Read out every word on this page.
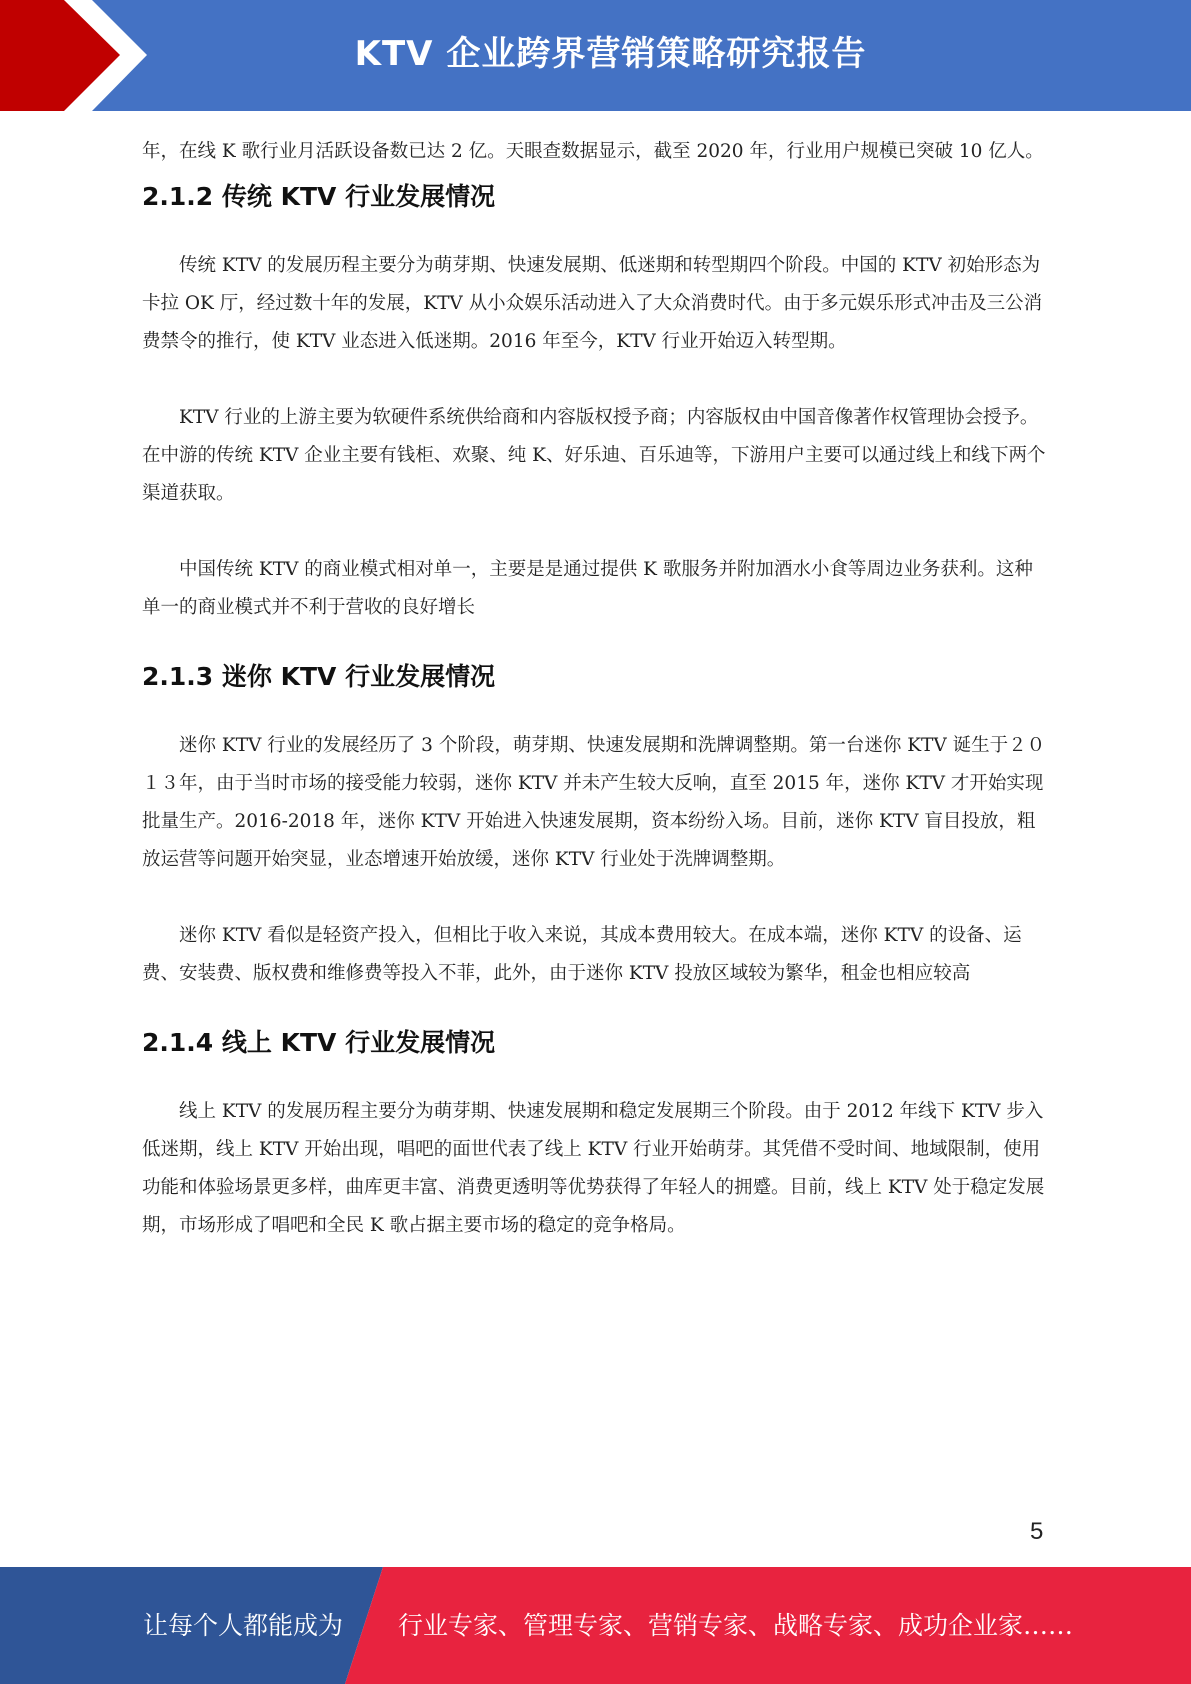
KTV 企业跨界营销策略研究报告

年，在线 K 歌行业月活跃设备数已达 2 亿。天眼查数据显示，截至 2020 年，行业用户规模已突破 10 亿人。

2.1.2 传统 KTV 行业发展情况

传统 KTV 的发展历程主要分为萌芽期、快速发展期、低迷期和转型期四个阶段。中国的 KTV 初始形态为卡拉 OK 厅，经过数十年的发展，KTV 从小众娱乐活动进入了大众消费时代。由于多元娱乐形式冲击及三公消费禁令的推行，使 KTV 业态进入低迷期。2016 年至今，KTV 行业开始迈入转型期。

KTV 行业的上游主要为软硬件系统供给商和内容版权授予商；内容版权由中国音像著作权管理协会授予。在中游的传统 KTV 企业主要有钱柜、欢聚、纯 K、好乐迪、百乐迪等，下游用户主要可以通过线上和线下两个渠道获取。

中国传统 KTV 的商业模式相对单一，主要是是通过提供 K 歌服务并附加酒水小食等周边业务获利。这种单一的商业模式并不利于营收的良好增长

2.1.3 迷你 KTV 行业发展情况

迷你 KTV 行业的发展经历了 3 个阶段，萌芽期、快速发展期和洗牌调整期。第一台迷你 KTV 诞生于２０１３年，由于当时市场的接受能力较弱，迷你 KTV 并未产生较大反响，直至 2015 年，迷你 KTV 才开始实现批量生产。2016-2018 年，迷你 KTV 开始进入快速发展期，资本纷纷入场。目前，迷你 KTV 盲目投放，粗放运营等问题开始突显，业态增速开始放缓，迷你 KTV 行业处于洗牌调整期。

迷你 KTV 看似是轻资产投入，但相比于收入来说，其成本费用较大。在成本端，迷你 KTV 的设备、运费、安装费、版权费和维修费等投入不菲，此外，由于迷你 KTV 投放区域较为繁华，租金也相应较高

2.1.4 线上 KTV 行业发展情况

线上 KTV 的发展历程主要分为萌芽期、快速发展期和稳定发展期三个阶段。由于 2012 年线下 KTV 步入低迷期，线上 KTV 开始出现，唱吧的面世代表了线上 KTV 行业开始萌芽。其凭借不受时间、地域限制，使用功能和体验场景更多样，曲库更丰富、消费更透明等优势获得了年轻人的拥蹙。目前，线上 KTV 处于稳定发展期，市场形成了唱吧和全民 K 歌占据主要市场的稳定的竞争格局。

5
让每个人都能成为 行业专家、管理专家、营销专家、战略专家、成功企业家……
